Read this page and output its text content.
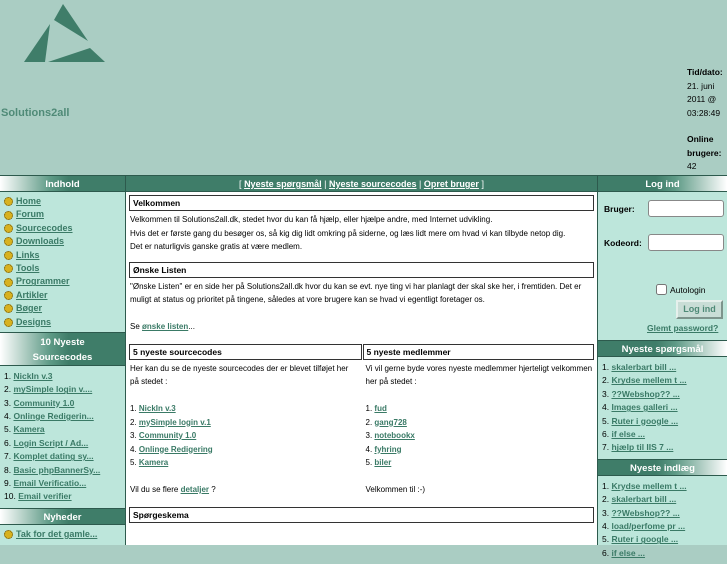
Solutions2all
Tid/dato:
21. juni
2011 @
03:28:49
Online
brugere:
42
Indhold
Home
Forum
Sourcecodes
Downloads
Links
Tools
Programmer
Artikler
Bøger
Designs
10 Nyeste
Sourcecodes
1. NickIn v.3
2. mySimple login v....
3. Community 1.0
4. Onlinge Redigerin...
5. Kamera
6. Login Script / Ad...
7. Komplet dating sy...
8. Basic phpBannerSy...
9. Email Verificatio...
10. Email verifier
Nyheder
Tak for det gamle...
[ Nyeste spørgsmål | Nyeste sourcecodes | Opret bruger ]
Velkommen
Velkommen til Solutions2all.dk, stedet hvor du kan få hjælp, eller hjælpe andre, med Internet udvikling.
Hvis det er første gang du besøger os, så kig dig lidt omkring på siderne, og læs lidt mere om hvad vi kan tilbyde netop dig.
Det er naturligvis ganske gratis at være medlem.
Ønske Listen
"Ønske Listen" er en side her på Solutions2all.dk hvor du kan se evt. nye ting vi har planlagt der skal ske her, i fremtiden. Det er muligt at status og prioritet på tingene, således at vore brugere kan se hvad vi egentligt foretager os.
Se ønske listen...
5 nyeste sourcecodes
Her kan du se de nyeste sourcecodes der er blevet tilføjet her på stedet :
1. NickIn v.3
2. mySimple login v.1
3. Community 1.0
4. Onlinge Redigering
5. Kamera
Vil du se flere detaljer ?
5 nyeste medlemmer
Vi vil gerne byde vores nyeste medlemmer hjerteligt velkommen her på stedet :
1. fud
2. gang728
3. notebookx
4. fyhring
5. biler
Velkommen til :-)
Spørgeskema
Log ind
Bruger:
Kodeord:
Autologin
Log ind
Glemt password?
Nyeste spørgsmål
1. skalerbart bill ...
2. Krydse mellem t ...
3. ??Webshop?? ...
4. Images galleri ...
5. Ruter i google ...
6. if else ...
7. hjælp til IIS 7 ...
Nyeste indlæg
1. Krydse mellem t ...
2. skalerbart bill ...
3. ??Webshop?? ...
4. load/perfome pr ...
5. Ruter i google ...
6. if else ...
